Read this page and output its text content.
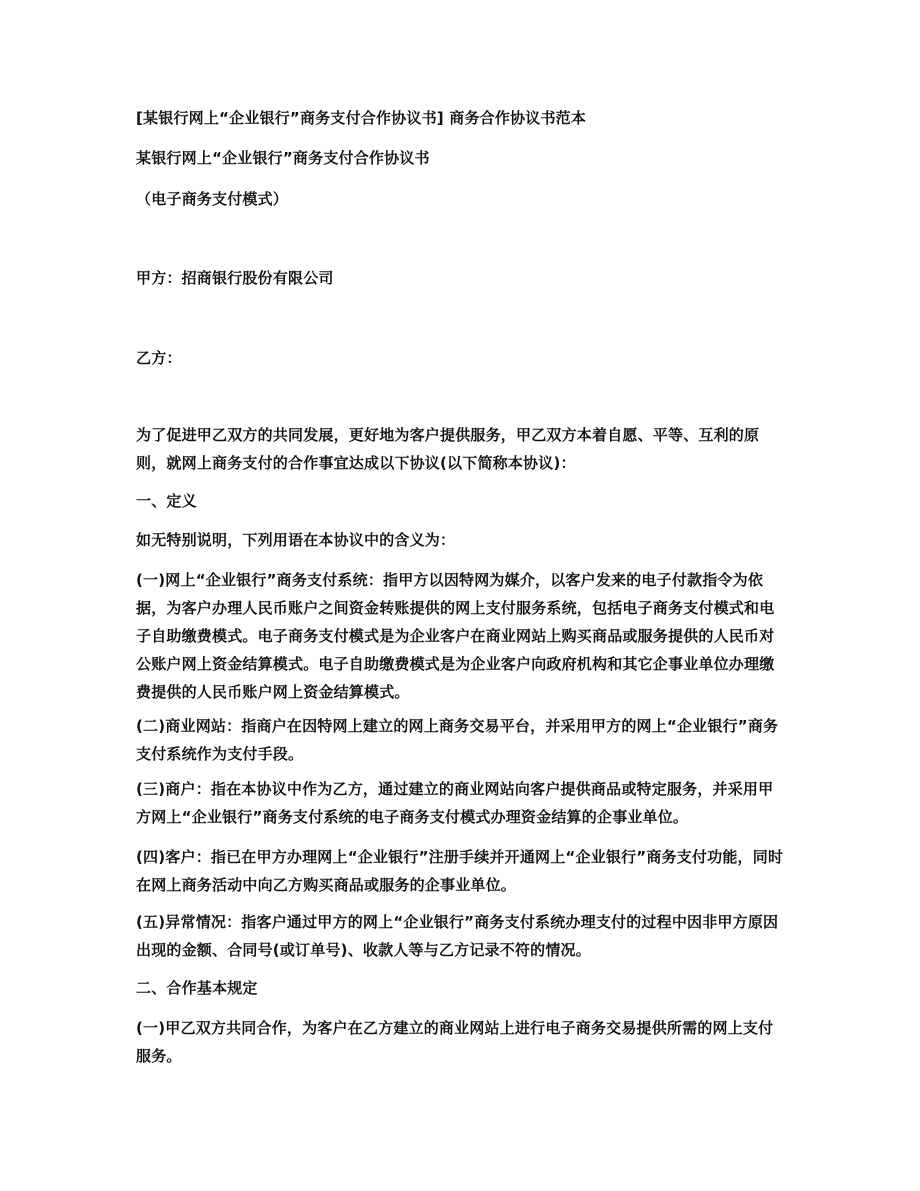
[某银行网上“企业银行”商务支付合作协议书] 商务合作协议书范本

某银行网上“企业银行”商务支付合作协议书

（电子商务支付模式）

甲方：招商银行股份有限公司

乙方：

为了促进甲乙双方的共同发展，更好地为客户提供服务，甲乙双方本着自愿、平等、互利的原则，就网上商务支付的合作事宜达成以下协议(以下简称本协议)：

一、定义

如无特别说明，下列用语在本协议中的含义为：

(一)网上“企业银行”商务支付系统：指甲方以因特网为媒介，以客户发来的电子付款指令为依据，为客户办理人民币账户之间资金转账提供的网上支付服务系统，包括电子商务支付模式和电子自助缴费模式。电子商务支付模式是为企业客户在商业网站上购买商品或服务提供的人民币对公账户网上资金结算模式。电子自助缴费模式是为企业客户向政府机构和其它企事业单位办理缴费提供的人民币账户网上资金结算模式。

(二)商业网站：指商户在因特网上建立的网上商务交易平台，并采用甲方的网上“企业银行”商务支付系统作为支付手段。

(三)商户：指在本协议中作为乙方，通过建立的商业网站向客户提供商品或特定服务，并采用甲方网上“企业银行”商务支付系统的电子商务支付模式办理资金结算的企事业单位。

(四)客户：指已在甲方办理网上“企业银行”注册手续并开通网上“企业银行”商务支付功能，同时在网上商务活动中向乙方购买商品或服务的企事业单位。

(五)异常情况：指客户通过甲方的网上“企业银行”商务支付系统办理支付的过程中因非甲方原因出现的金额、合同号(或订单号)、收款人等与乙方记录不符的情况。

二、合作基本规定

(一)甲乙双方共同合作，为客户在乙方建立的商业网站上进行电子商务交易提供所需的网上支付服务。
